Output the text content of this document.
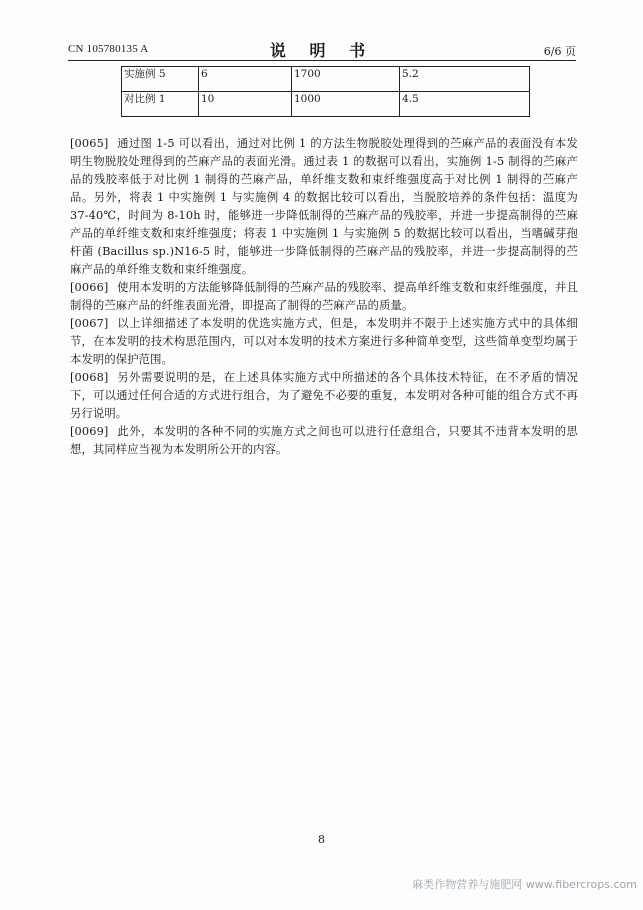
CN 105780135 A	说 明 书	6/6 页
实施例 5	6	1700	5.2
对比例 1	10	1000	4.5

[0065] 通过图 1-5 可以看出，通过对比例 1 的方法生物脱胶处理得到的苎麻产品的表面没有本发明生物脱胶处理得到的苎麻产品的表面光滑。通过表 1 的数据可以看出，实施例 1-5 制得的苎麻产品的残胶率低于对比例 1 制得的苎麻产品，单纤维支数和束纤维强度高于对比例 1 制得的苎麻产品。另外，将表 1 中实施例 1 与实施例 4 的数据比较可以看出，当脱胶培养的条件包括：温度为 37-40℃，时间为 8-10h 时，能够进一步降低制得的苎麻产品的残胶率，并进一步提高制得的苎麻产品的单纤维支数和束纤维强度；将表 1 中实施例 1 与实施例 5 的数据比较可以看出，当嗜碱芽孢杆菌 (Bacillus sp.)N16-5 时，能够进一步降低制得的苎麻产品的残胶率，并进一步提高制得的苎麻产品的单纤维支数和束纤维强度。

[0066] 使用本发明的方法能够降低制得的苎麻产品的残胶率、提高单纤维支数和束纤维强度，并且制得的苎麻产品的纤维表面光滑，即提高了制得的苎麻产品的质量。

[0067] 以上详细描述了本发明的优选实施方式，但是，本发明并不限于上述实施方式中的具体细节，在本发明的技术构思范围内，可以对本发明的技术方案进行多种简单变型，这些简单变型均属于本发明的保护范围。

[0068] 另外需要说明的是，在上述具体实施方式中所描述的各个具体技术特征，在不矛盾的情况下，可以通过任何合适的方式进行组合，为了避免不必要的重复，本发明对各种可能的组合方式不再另行说明。

[0069] 此外，本发明的各种不同的实施方式之间也可以进行任意组合，只要其不违背本发明的思想，其同样应当视为本发明所公开的内容。

8
麻类作物营养与施肥网 www.fibercrops.com
